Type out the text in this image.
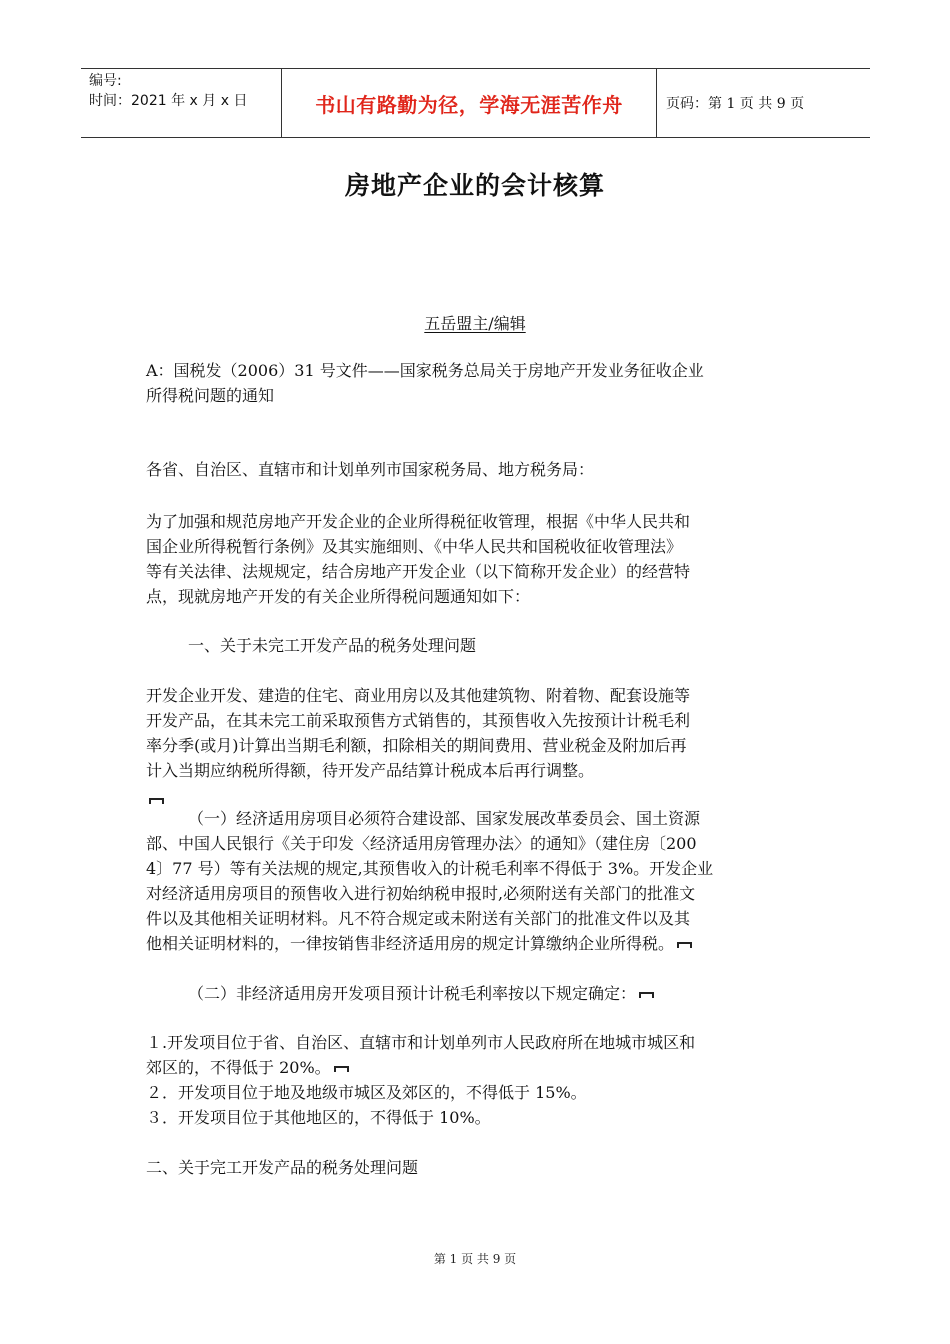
编号:
时间：2021 年 x 月 x 日	书山有路勤为径，学海无涯苦作舟	页码：第 1 页 共 9 页
房地产企业的会计核算
五岳盟主/编辑

A：国税发（2006）31 号文件——国家税务总局关于房地产开发业务征收企业

所得税问题的通知

各省、自治区、直辖市和计划单列市国家税务局、地方税务局：

为了加强和规范房地产开发企业的企业所得税征收管理，根据《中华人民共和

国企业所得税暂行条例》及其实施细则、《中华人民共和国税收征收管理法》

等有关法律、法规规定，结合房地产开发企业（以下简称开发企业）的经营特

点，现就房地产开发的有关企业所得税问题通知如下：

一、关于未完工开发产品的税务处理问题

开发企业开发、建造的住宅、商业用房以及其他建筑物、附着物、配套设施等

开发产品，在其未完工前采取预售方式销售的，其预售收入先按预计计税毛利

率分季(或月)计算出当期毛利额，扣除相关的期间费用、营业税金及附加后再

计入当期应纳税所得额，待开发产品结算计税成本后再行调整。

（一）经济适用房项目必须符合建设部、国家发展改革委员会、国土资源

部、中国人民银行《关于印发〈经济适用房管理办法〉的通知》（建住房〔200

4〕77 号）等有关法规的规定,其预售收入的计税毛利率不得低于 3%。开发企业

对经济适用房项目的预售收入进行初始纳税申报时,必须附送有关部门的批准文

件以及其他相关证明材料。凡不符合规定或未附送有关部门的批准文件以及其

他相关证明材料的，一律按销售非经济适用房的规定计算缴纳企业所得税。

（二）非经济适用房开发项目预计计税毛利率按以下规定确定：

１.开发项目位于省、自治区、直辖市和计划单列市人民政府所在地城市城区和

郊区的，不得低于 20%。

２．开发项目位于地及地级市城区及郊区的，不得低于 15%。

３．开发项目位于其他地区的，不得低于 10%。

二、关于完工开发产品的税务处理问题

第 1 页 共 9 页
